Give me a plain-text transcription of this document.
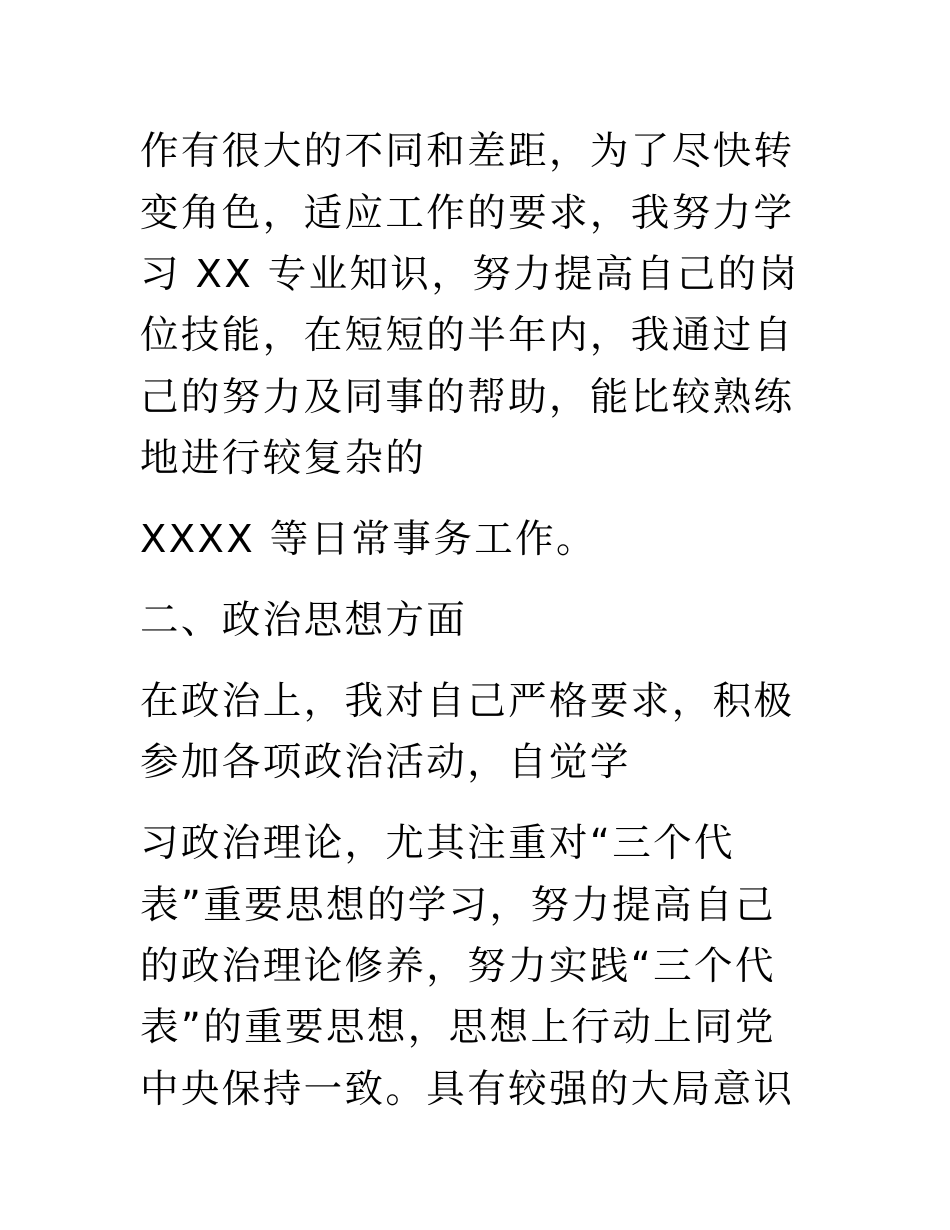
作有很大的不同和差距，为了尽快转
变角色，适应工作的要求，我努力学
习 XX 专业知识，努力提高自己的岗
位技能，在短短的半年内，我通过自
己的努力及同事的帮助，能比较熟练
地进行较复杂的
XXXX 等日常事务工作。
二、政治思想方面
在政治上，我对自己严格要求，积极
参加各项政治活动，自觉学
习政治理论，尤其注重对“三个代
表”重要思想的学习，努力提高自己
的政治理论修养，努力实践“三个代
表”的重要思想，思想上行动上同党
中央保持一致。具有较强的大局意识
